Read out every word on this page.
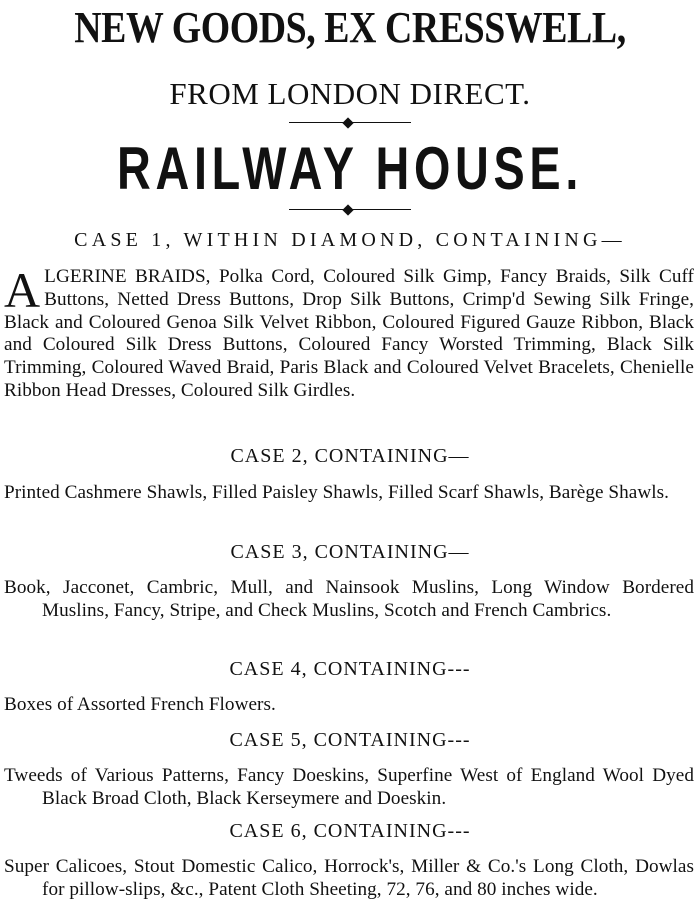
NEW GOODS, EX CRESSWELL,
FROM LONDON DIRECT.
RAILWAY HOUSE.
CASE 1, WITHIN DIAMOND, CONTAINING—
ALGERINE BRAIDS, Polka Cord, Coloured Silk Gimp, Fancy Braids, Silk Cuff Buttons, Netted Dress Buttons, Drop Silk Buttons, Crimp'd Sewing Silk Fringe, Black and Coloured Genoa Silk Velvet Ribbon, Coloured Figured Gauze Ribbon, Black and Coloured Silk Dress Buttons, Coloured Fancy Worsted Trimming, Black Silk Trimming, Coloured Waved Braid, Paris Black and Coloured Velvet Bracelets, Chenielle Ribbon Head Dresses, Coloured Silk Girdles.
CASE 2, CONTAINING—
Printed Cashmere Shawls, Filled Paisley Shawls, Filled Scarf Shawls, Barège Shawls.
CASE 3, CONTAINING—
Book, Jacconet, Cambric, Mull, and Nainsook Muslins, Long Window Bordered Muslins, Fancy, Stripe, and Check Muslins, Scotch and French Cambrics.
CASE 4, CONTAINING---
Boxes of Assorted French Flowers.
CASE 5, CONTAINING---
Tweeds of Various Patterns, Fancy Doeskins, Superfine West of England Wool Dyed Black Broad Cloth, Black Kerseymere and Doeskin.
CASE 6, CONTAINING---
Super Calicoes, Stout Domestic Calico, Horrock's, Miller & Co.'s Long Cloth, Dowlas for pillow-slips, &c., Patent Cloth Sheeting, 72, 76, and 80 inches wide.
